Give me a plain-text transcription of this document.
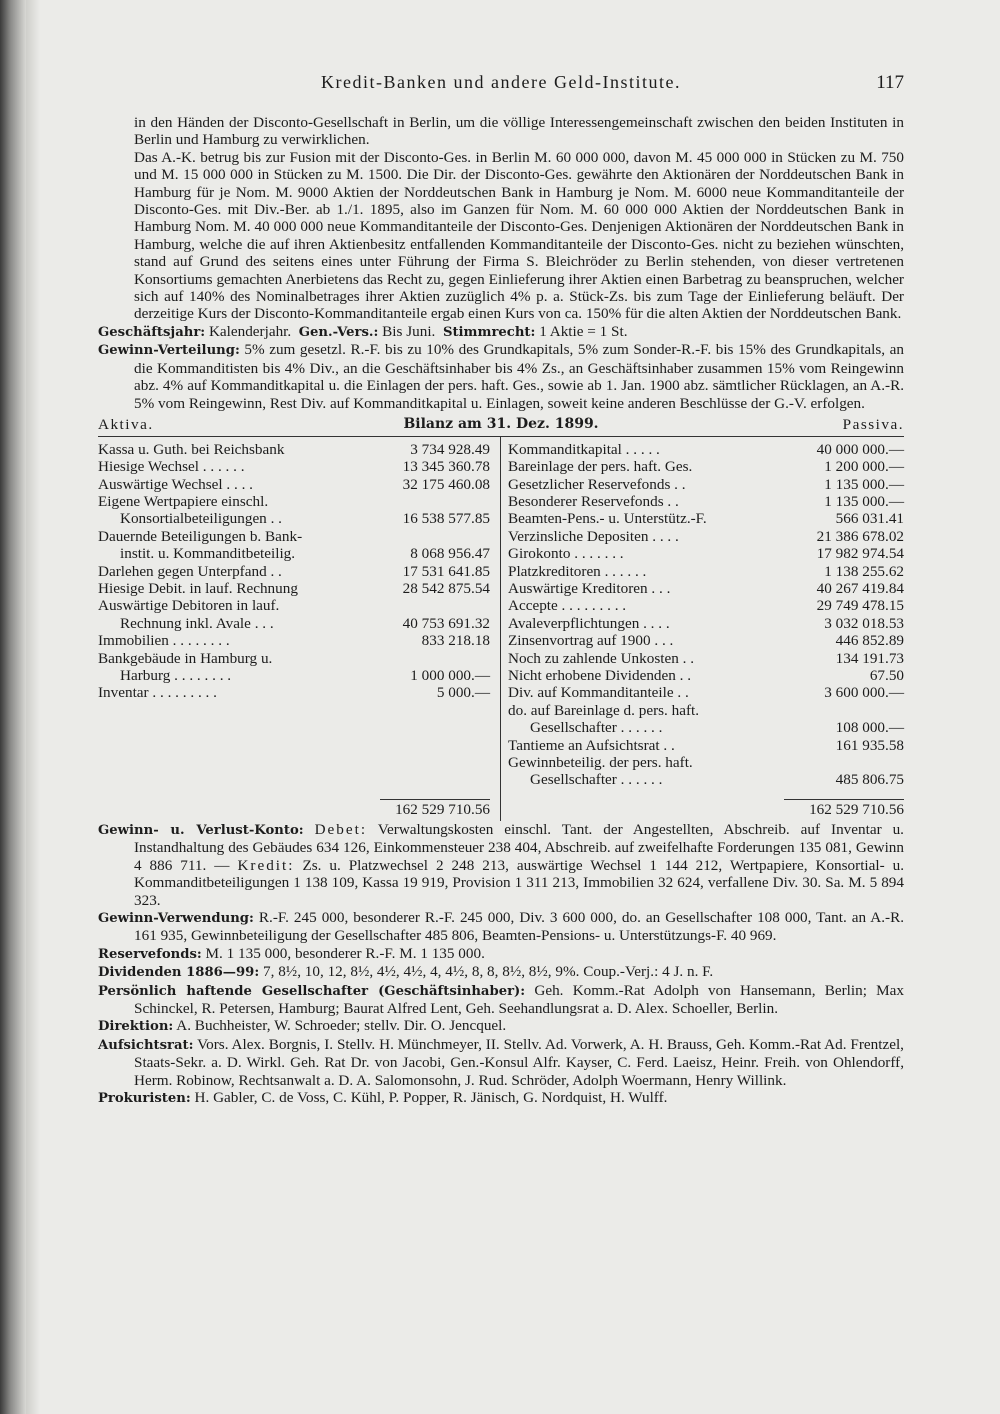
Kredit-Banken und andere Geld-Institute.	117

in den Händen der Disconto-Gesellschaft in Berlin, um die völlige Interessengemeinschaft zwischen den beiden Instituten in Berlin und Hamburg zu verwirklichen.

Das A.-K. betrug bis zur Fusion mit der Disconto-Ges. in Berlin M. 60 000 000, davon M. 45 000 000 in Stücken zu M. 750 und M. 15 000 000 in Stücken zu M. 1500. Die Dir. der Disconto-Ges. gewährte den Aktionären der Norddeutschen Bank in Hamburg für je Nom. M. 9000 Aktien der Norddeutschen Bank in Hamburg je Nom. M. 6000 neue Kommanditanteile der Disconto-Ges. mit Div.-Ber. ab 1./1. 1895, also im Ganzen für Nom. M. 60 000 000 Aktien der Norddeutschen Bank in Hamburg Nom. M. 40 000 000 neue Kommanditanteile der Disconto-Ges. Denjenigen Aktionären der Norddeutschen Bank in Hamburg, welche die auf ihren Aktienbesitz entfallenden Kommanditanteile der Disconto-Ges. nicht zu beziehen wünschten, stand auf Grund des seitens eines unter Führung der Firma S. Bleichröder zu Berlin stehenden, von dieser vertretenen Konsortiums gemachten Anerbietens das Recht zu, gegen Einlieferung ihrer Aktien einen Barbetrag zu beanspruchen, welcher sich auf 140% des Nominalbetrages ihrer Aktien zuzüglich 4% p. a. Stück-Zs. bis zum Tage der Einlieferung beläuft. Der derzeitige Kurs der Disconto-Kommanditanteile ergab einen Kurs von ca. 150% für die alten Aktien der Norddeutschen Bank.

Geschäftsjahr: Kalenderjahr. Gen.-Vers.: Bis Juni. Stimmrecht: 1 Aktie = 1 St.

Gewinn-Verteilung: 5% zum gesetzl. R.-F. bis zu 10% des Grundkapitals, 5% zum Sonder-R.-F. bis 15% des Grundkapitals, an die Kommanditisten bis 4% Div., an die Geschäftsinhaber bis 4% Zs., an Geschäftsinhaber zusammen 15% vom Reingewinn abz. 4% auf Kommanditkapital u. die Einlagen der pers. haft. Ges., sowie ab 1. Jan. 1900 abz. sämtlicher Rücklagen, an A.-R. 5% vom Reingewinn, Rest Div. auf Kommanditkapital u. Einlagen, soweit keine anderen Beschlüsse der G.-V. erfolgen.

Aktiva.	Bilanz am 31. Dez. 1899.	Passiva.
Kassa u. Guth. bei Reichsbank	3 734 928.49
Hiesige Wechsel . . . . . .	13 345 360.78
Auswärtige Wechsel . . . .	32 175 460.08
Eigene Wertpapiere einschl.
Konsortialbeteiligungen . .	16 538 577.85
Dauernde Beteiligungen b. Bank-
instit. u. Kommanditbeteilig.	8 068 956.47
Darlehen gegen Unterpfand . .	17 531 641.85
Hiesige Debit. in lauf. Rechnung	28 542 875.54
Auswärtige Debitoren in lauf.
Rechnung inkl. Avale . . .	40 753 691.32
Immobilien . . . . . . . .	833 218.18
Bankgebäude in Hamburg u.
Harburg . . . . . . . .	1 000 000.—
Inventar . . . . . . . . .	5 000.—
Kommanditkapital . . . . .	40 000 000.—
Bareinlage der pers. haft. Ges.	1 200 000.—
Gesetzlicher Reservefonds . .	1 135 000.—
Besonderer Reservefonds . .	1 135 000.—
Beamten-Pens.- u. Unterstütz.-F.	566 031.41
Verzinsliche Depositen . . . .	21 386 678.02
Girokonto . . . . . . .	17 982 974.54
Platzkreditoren . . . . . .	1 138 255.62
Auswärtige Kreditoren . . .	40 267 419.84
Accepte . . . . . . . . .	29 749 478.15
Avaleverpflichtungen . . . .	3 032 018.53
Zinsenvortrag auf 1900 . . .	446 852.89
Noch zu zahlende Unkosten . .	134 191.73
Nicht erhobene Dividenden . .	67.50
Div. auf Kommanditanteile . .	3 600 000.—
do. auf Bareinlage d. pers. haft.
Gesellschafter . . . . . .	108 000.—
Tantieme an Aufsichtsrat . .	161 935.58
Gewinnbeteilig. der pers. haft.
Gesellschafter . . . . . .	485 806.75
162 529 710.56	162 529 710.56

Gewinn- u. Verlust-Konto: Debet: Verwaltungskosten einschl. Tant. der Angestellten, Abschreib. auf Inventar u. Instandhaltung des Gebäudes 634 126, Einkommensteuer 238 404, Abschreib. auf zweifelhafte Forderungen 135 081, Gewinn 4 886 711. — Kredit: Zs. u. Platzwechsel 2 248 213, auswärtige Wechsel 1 144 212, Wertpapiere, Konsortial- u. Kommanditbeteiligungen 1 138 109, Kassa 19 919, Provision 1 311 213, Immobilien 32 624, verfallene Div. 30. Sa. M. 5 894 323.

Gewinn-Verwendung: R.-F. 245 000, besonderer R.-F. 245 000, Div. 3 600 000, do. an Gesellschafter 108 000, Tant. an A.-R. 161 935, Gewinnbeteiligung der Gesellschafter 485 806, Beamten-Pensions- u. Unterstützungs-F. 40 969.

Reservefonds: M. 1 135 000, besonderer R.-F. M. 1 135 000.

Dividenden 1886—99: 7, 8½, 10, 12, 8½, 4½, 4½, 4, 4½, 8, 8, 8½, 8½, 9%. Coup.-Verj.: 4 J. n. F.

Persönlich haftende Gesellschafter (Geschäftsinhaber): Geh. Komm.-Rat Adolph von Hansemann, Berlin; Max Schinckel, R. Petersen, Hamburg; Baurat Alfred Lent, Geh. Seehandlungsrat a. D. Alex. Schoeller, Berlin.

Direktion: A. Buchheister, W. Schroeder; stellv. Dir. O. Jencquel.

Aufsichtsrat: Vors. Alex. Borgnis, I. Stellv. H. Münchmeyer, II. Stellv. Ad. Vorwerk, A. H. Brauss, Geh. Komm.-Rat Ad. Frentzel, Staats-Sekr. a. D. Wirkl. Geh. Rat Dr. von Jacobi, Gen.-Konsul Alfr. Kayser, C. Ferd. Laeisz, Heinr. Freih. von Ohlendorff, Herm. Robinow, Rechtsanwalt a. D. A. Salomonsohn, J. Rud. Schröder, Adolph Woermann, Henry Willink.

Prokuristen: H. Gabler, C. de Voss, C. Kühl, P. Popper, R. Jänisch, G. Nordquist, H. Wulff.
